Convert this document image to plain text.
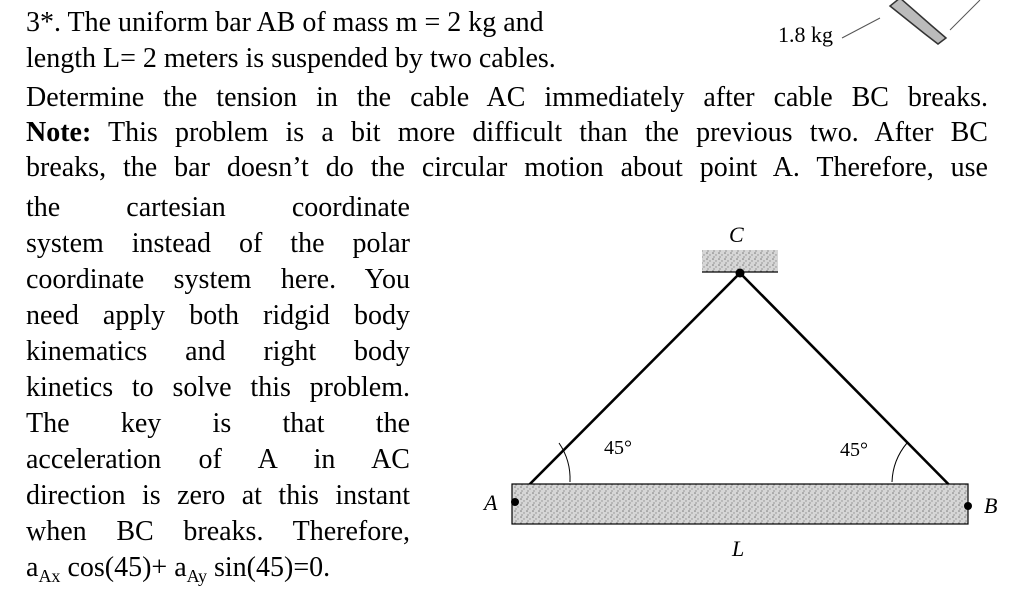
1.8 kg
3*. The uniform bar AB of mass m = 2 kg and
length L= 2 meters is suspended by two cables.
Determine the tension in the cable AC immediately after cable BC breaks.
Note: This problem is a bit more difficult than the previous two. After BC
breaks, the bar doesn’t do the circular motion about point A. Therefore, use
the cartesian coordinate
system instead of the polar
coordinate system here. You
need apply both ridgid body
kinematics and right body
kinetics to solve this problem.
The key is that the
acceleration of A in AC
direction is zero at this instant
when BC breaks. Therefore,
$a_{Ax}$ $\cos(45)+ a_{Ay}$ sin(45)=0.
C
45°	45°
A	B
L
